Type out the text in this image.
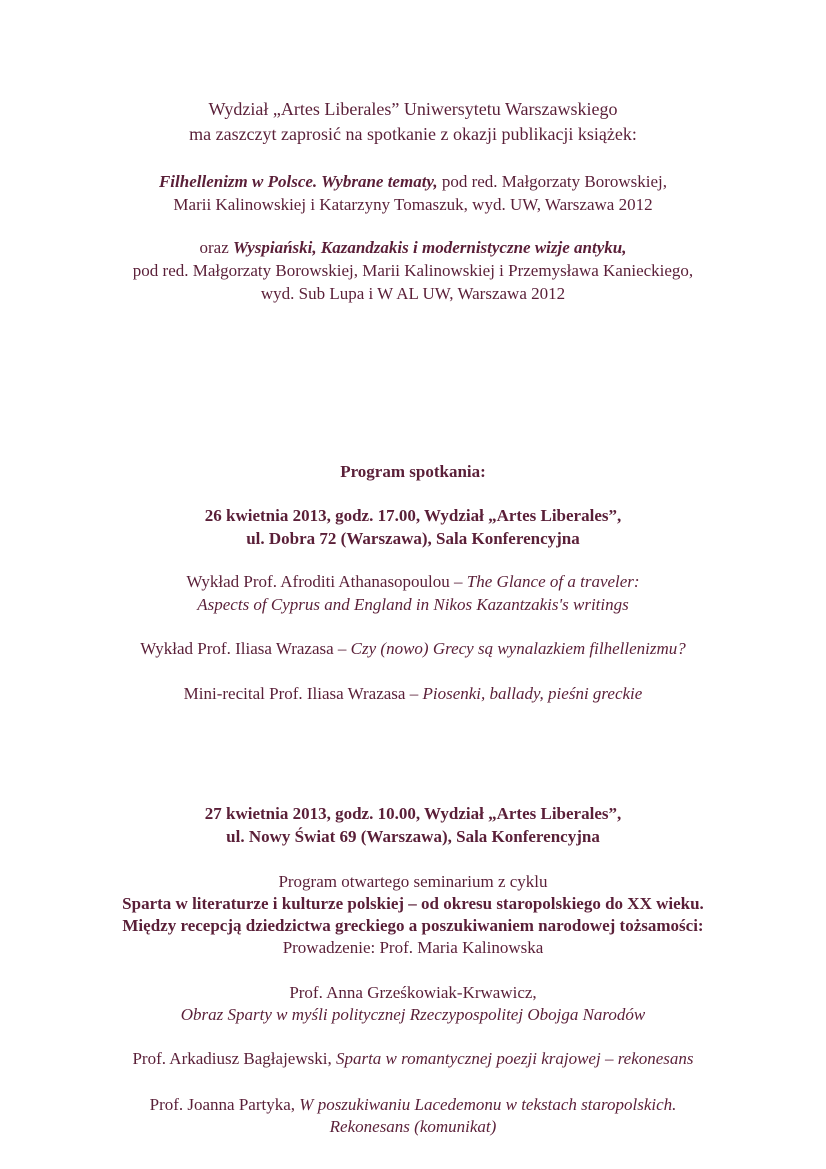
Wydział „Artes Liberales” Uniwersytetu Warszawskiego
ma zaszczyt zaprosić na spotkanie z okazji publikacji książek:
Filhellenizm w Polsce. Wybrane tematy, pod red. Małgorzaty Borowskiej,
Marii Kalinowskiej i Katarzyny Tomaszuk, wyd. UW, Warszawa 2012
oraz Wyspiański, Kazandzakis i modernistyczne wizje antyku,
pod red. Małgorzaty Borowskiej, Marii Kalinowskiej i Przemysława Kanieckiego,
wyd. Sub Lupa i W AL UW, Warszawa 2012
Program spotkania:
26 kwietnia 2013, godz. 17.00, Wydział „Artes Liberales”,
ul. Dobra 72 (Warszawa), Sala Konferencyjna
Wykład Prof. Afroditi Athanasopoulou – The Glance of a traveler:
Aspects of Cyprus and England in Nikos Kazantzakis's writings
Wykład Prof. Iliasa Wrazasa – Czy (nowo) Grecy są wynalazkiem filhellenizmu?
Mini-recital Prof. Iliasa Wrazasa – Piosenki, ballady, pieśni greckie
27 kwietnia 2013, godz. 10.00, Wydział „Artes Liberales”,
ul. Nowy Świat 69 (Warszawa), Sala Konferencyjna
Program otwartego seminarium z cyklu
Sparta w literaturze i kulturze polskiej – od okresu staropolskiego do XX wieku.
Między recepcją dziedzictwa greckiego a poszukiwaniem narodowej tożsamości:
Prowadzenie: Prof. Maria Kalinowska
Prof. Anna Grześkowiak-Krwawicz,
Obraz Sparty w myśli politycznej Rzeczypospolitej Obojga Narodów
Prof. Arkadiusz Bagłajewski, Sparta w romantycznej poezji krajowej – rekonesans
Prof. Joanna Partyka, W poszukiwaniu Lacedemonu w tekstach staropolskich.
Rekonesans (komunikat)
